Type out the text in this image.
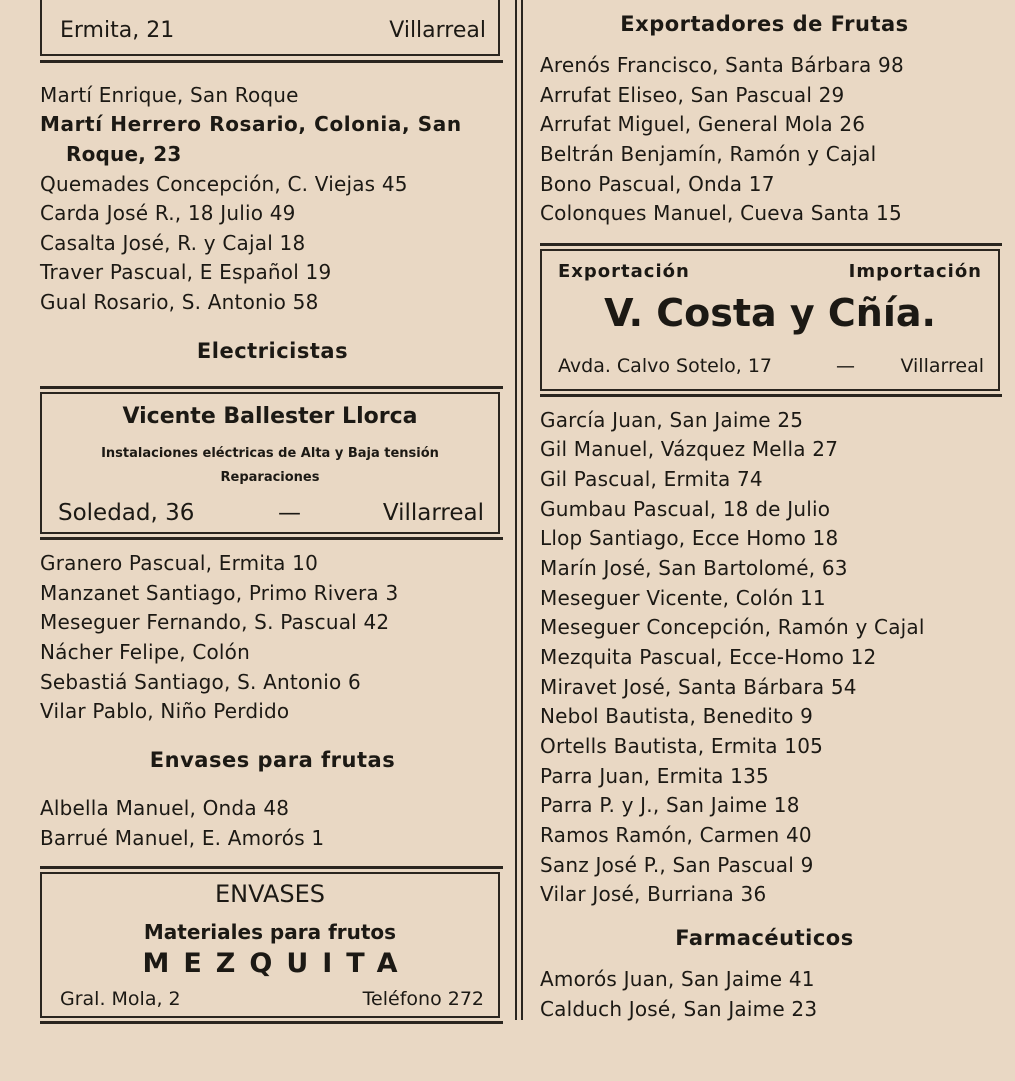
Ermita, 21	Villarreal
Martí Enrique, San Roque
Martí Herrero Rosario, Colonia, San
Roque, 23
Quemades Concepción, C. Viejas 45
Carda José R., 18 Julio 49
Casalta José, R. y Cajal 18
Traver Pascual, E Español 19
Gual Rosario, S. Antonio 58
Electricistas
Vicente Ballester Llorca
Instalaciones eléctricas de Alta y Baja tensión
Reparaciones
Soledad, 36	—	Villarreal
Granero Pascual, Ermita 10
Manzanet Santiago, Primo Rivera 3
Meseguer Fernando, S. Pascual 42
Nácher Felipe, Colón
Sebastiá Santiago, S. Antonio 6
Vilar Pablo, Niño Perdido
Envases para frutas
Albella Manuel, Onda 48
Barrué Manuel, E. Amorós 1
ENVASES
Materiales para frutos
MEZQUITA
Gral. Mola, 2	Teléfono 272
Exportadores de Frutas
Arenós Francisco, Santa Bárbara 98
Arrufat Eliseo, San Pascual 29
Arrufat Miguel, General Mola 26
Beltrán Benjamín, Ramón y Cajal
Bono Pascual, Onda 17
Colonques Manuel, Cueva Santa 15
Exportación	Importación
V. Costa y Cñía.
Avda. Calvo Sotelo, 17	— Villarreal
García Juan, San Jaime 25
Gil Manuel, Vázquez Mella 27
Gil Pascual, Ermita 74
Gumbau Pascual, 18 de Julio
Llop Santiago, Ecce Homo 18
Marín José, San Bartolomé, 63
Meseguer Vicente, Colón 11
Meseguer Concepción, Ramón y Cajal
Mezquita Pascual, Ecce-Homo 12
Miravet José, Santa Bárbara 54
Nebol Bautista, Benedito 9
Ortells Bautista, Ermita 105
Parra Juan, Ermita 135
Parra P. y J., San Jaime 18
Ramos Ramón, Carmen 40
Sanz José P., San Pascual 9
Vilar José, Burriana 36
Farmacéuticos
Amorós Juan, San Jaime 41
Calduch José, San Jaime 23
